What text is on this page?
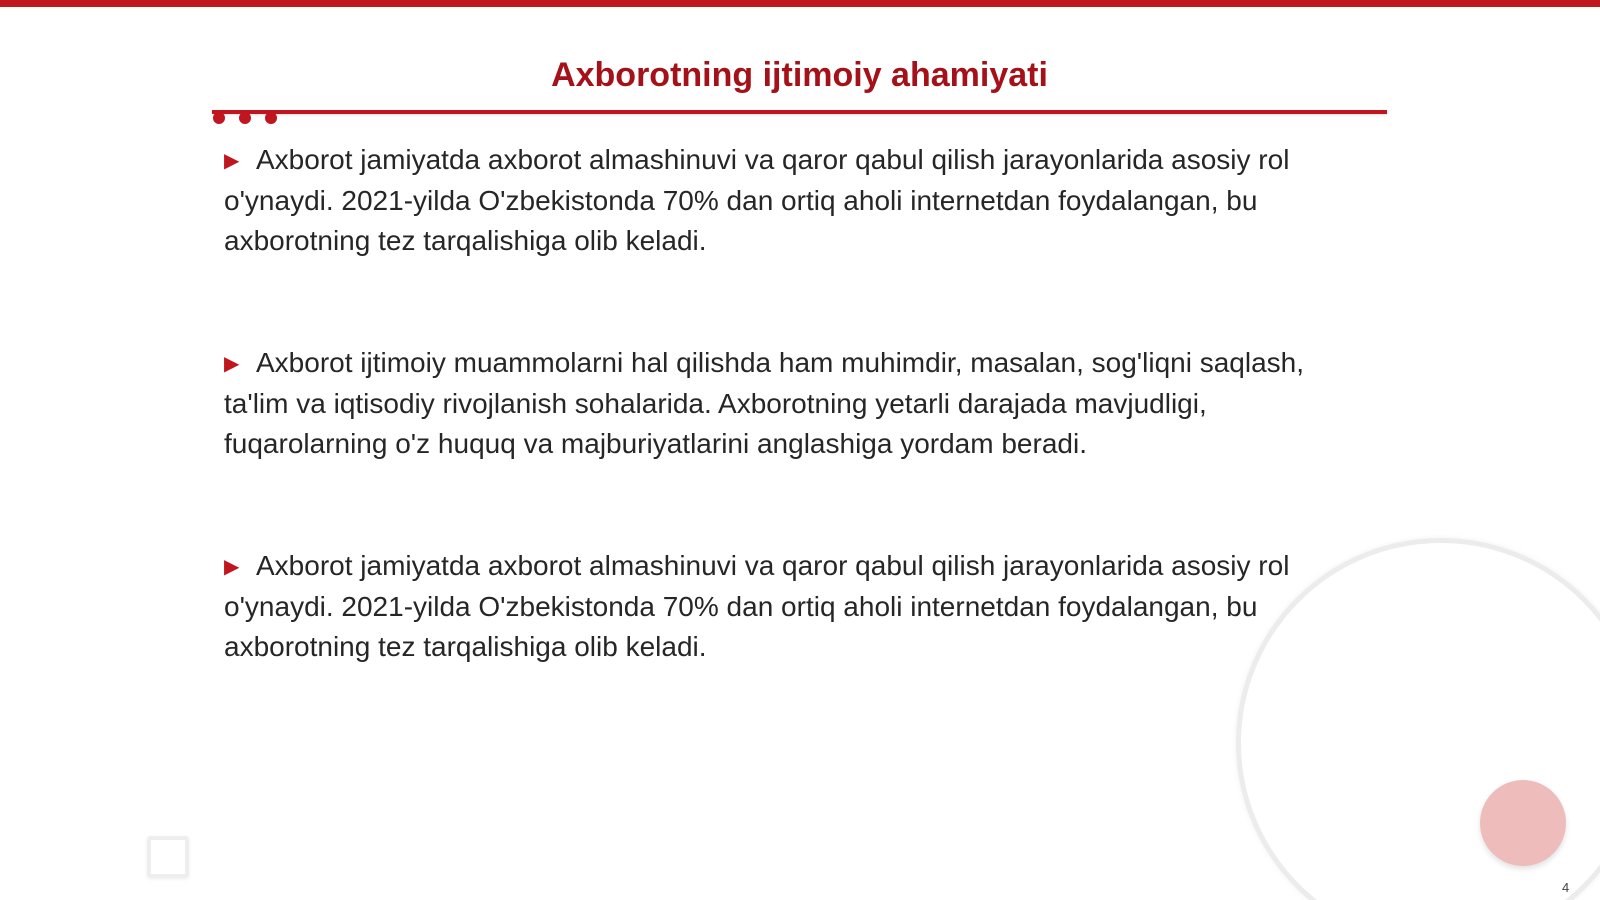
Axborotning ijtimoiy ahamiyati

▶ Axborot jamiyatda axborot almashinuvi va qaror qabul qilish jarayonlarida asosiy rol o'ynaydi. 2021-yilda O'zbekistonda 70% dan ortiq aholi internetdan foydalangan, bu axborotning tez tarqalishiga olib keladi.

▶ Axborot ijtimoiy muammolarni hal qilishda ham muhimdir, masalan, sog'liqni saqlash, ta'lim va iqtisodiy rivojlanish sohalarida. Axborotning yetarli darajada mavjudligi, fuqarolarning o'z huquq va majburiyatlarini anglashiga yordam beradi.

▶ Axborot jamiyatda axborot almashinuvi va qaror qabul qilish jarayonlarida asosiy rol o'ynaydi. 2021-yilda O'zbekistonda 70% dan ortiq aholi internetdan foydalangan, bu axborotning tez tarqalishiga olib keladi.

4
